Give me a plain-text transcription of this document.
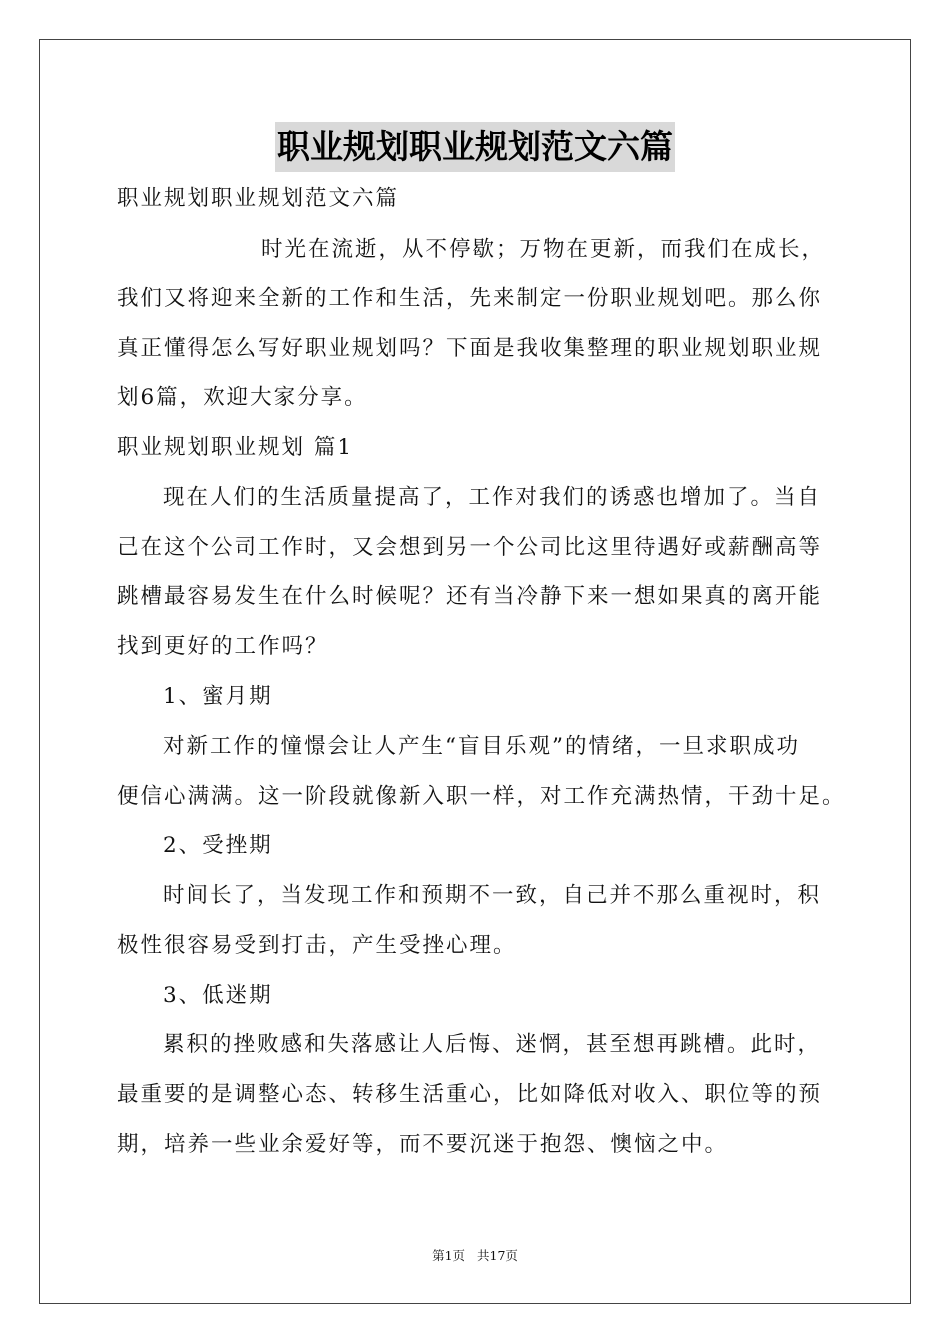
职业规划职业规划范文六篇
职业规划职业规划范文六篇
时光在流逝，从不停歇；万物在更新，而我们在成长，
我们又将迎来全新的工作和生活，先来制定一份职业规划吧。那么你
真正懂得怎么写好职业规划吗？下面是我收集整理的职业规划职业规
划6篇，欢迎大家分享。
职业规划职业规划 篇1
现在人们的生活质量提高了，工作对我们的诱惑也增加了。当自
己在这个公司工作时，又会想到另一个公司比这里待遇好或薪酬高等
跳槽最容易发生在什么时候呢？还有当冷静下来一想如果真的离开能
找到更好的工作吗？
1、蜜月期
对新工作的憧憬会让人产生“盲目乐观”的情绪，一旦求职成功
便信心满满。这一阶段就像新入职一样，对工作充满热情，干劲十足。
2、受挫期
时间长了，当发现工作和预期不一致，自己并不那么重视时，积
极性很容易受到打击，产生受挫心理。
3、低迷期
累积的挫败感和失落感让人后悔、迷惘，甚至想再跳槽。此时，
最重要的是调整心态、转移生活重心，比如降低对收入、职位等的预
期，培养一些业余爱好等，而不要沉迷于抱怨、懊恼之中。
第1页 共17页
